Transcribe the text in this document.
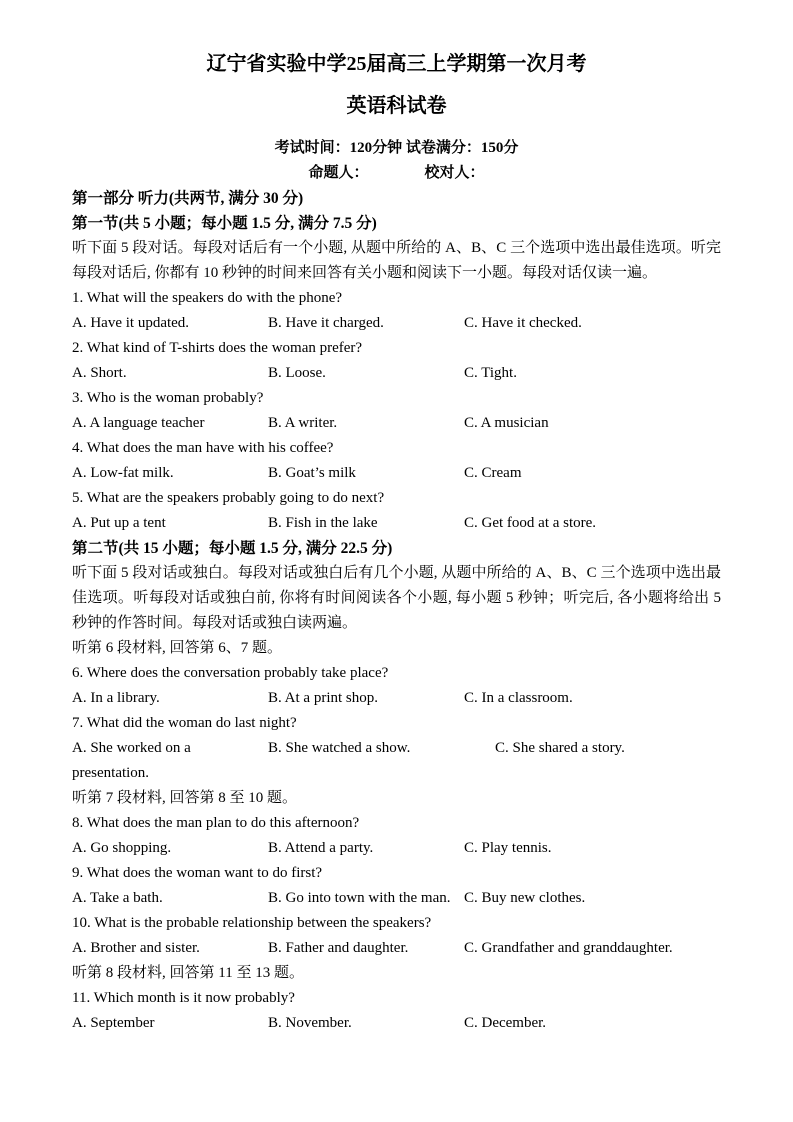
辽宁省实验中学25届高三上学期第一次月考
英语科试卷

考试时间：120分钟 试卷满分：150分

命题人：	校对人：

第一部分 听力(共两节, 满分 30 分)

第一节(共 5 小题；每小题 1.5 分, 满分 7.5 分)

听下面 5 段对话。每段对话后有一个小题, 从题中所给的 A、B、C 三个选项中选出最佳选项。听完每段对话后, 你都有 10 秒钟的时间来回答有关小题和阅读下一小题。每段对话仅读一遍。

1. What will the speakers do with the phone?

A. Have it updated.	B. Have it charged.	C. Have it checked.

2. What kind of T-shirts does the woman prefer?

A. Short.	B. Loose.	C. Tight.

3. Who is the woman probably?

A. A language teacher	B. A writer.	C. A musician

4. What does the man have with his coffee?

A. Low-fat milk.	B. Goat’s milk	C. Cream

5. What are the speakers probably going to do next?

A. Put up a tent	B. Fish in the lake	C. Get food at a store.

第二节(共 15 小题；每小题 1.5 分, 满分 22.5 分)

听下面 5 段对话或独白。每段对话或独白后有几个小题, 从题中所给的 A、B、C 三个选项中选出最佳选项。听每段对话或独白前, 你将有时间阅读各个小题, 每小题 5 秒钟；听完后, 各小题将给出 5 秒钟的作答时间。每段对话或独白读两遍。

听第 6 段材料, 回答第 6、7 题。

6. Where does the conversation probably take place?

A. In a library.	B. At a print shop.	C. In a classroom.

7. What did the woman do last night?

A. She worked on a presentation.
B. She watched a show.	C. She shared a story.

听第 7 段材料, 回答第 8 至 10 题。

8. What does the man plan to do this afternoon?

A. Go shopping.	B. Attend a party.	C. Play tennis.

9. What does the woman want to do first?

A. Take a bath.	B. Go into town with the man. C. Buy new clothes.

10. What is the probable relationship between the speakers?

A. Brother and sister.	B. Father and daughter.	C. Grandfather and granddaughter.

听第 8 段材料, 回答第 11 至 13 题。

11. Which month is it now probably?

A. September	B. November.	C. December.
